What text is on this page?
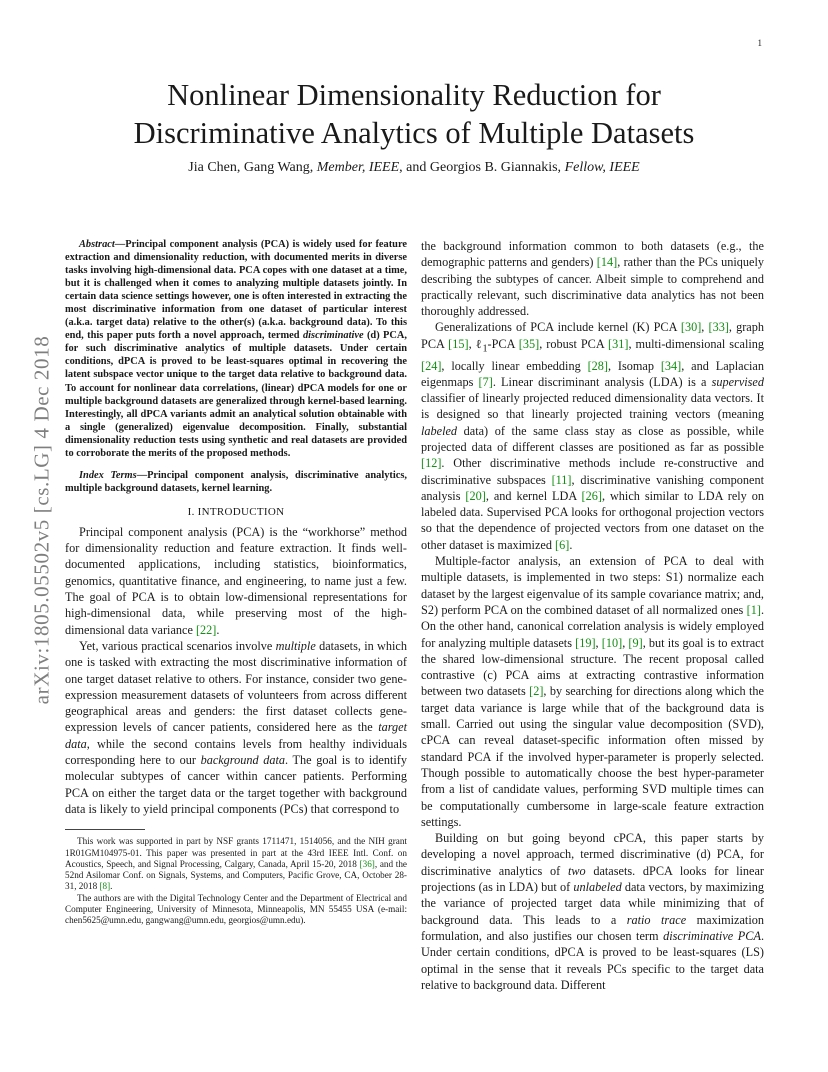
1
arXiv:1805.05502v5 [cs.LG] 4 Dec 2018
Nonlinear Dimensionality Reduction for
Discriminative Analytics of Multiple Datasets
Jia Chen, Gang Wang, Member, IEEE, and Georgios B. Giannakis, Fellow, IEEE

Abstract—Principal component analysis (PCA) is widely used for feature extraction and dimensionality reduction, with documented merits in diverse tasks involving high-dimensional data. PCA copes with one dataset at a time, but it is challenged when it comes to analyzing multiple datasets jointly. In certain data science settings however, one is often interested in extracting the most discriminative information from one dataset of particular interest (a.k.a. target data) relative to the other(s) (a.k.a. background data). To this end, this paper puts forth a novel approach, termed discriminative (d) PCA, for such discriminative analytics of multiple datasets. Under certain conditions, dPCA is proved to be least-squares optimal in recovering the latent subspace vector unique to the target data relative to background data. To account for nonlinear data correlations, (linear) dPCA models for one or multiple background datasets are generalized through kernel-based learning. Interestingly, all dPCA variants admit an analytical solution obtainable with a single (generalized) eigenvalue decomposition. Finally, substantial dimensionality reduction tests using synthetic and real datasets are provided to corroborate the merits of the proposed methods.

Index Terms—Principal component analysis, discriminative analytics, multiple background datasets, kernel learning.

I. INTRODUCTION

Principal component analysis (PCA) is the “workhorse” method for dimensionality reduction and feature extraction. It finds well-documented applications, including statistics, bioinformatics, genomics, quantitative finance, and engineering, to name just a few. The goal of PCA is to obtain low-dimensional representations for high-dimensional data, while preserving most of the high-dimensional data variance [22].

Yet, various practical scenarios involve multiple datasets, in which one is tasked with extracting the most discriminative information of one target dataset relative to others. For instance, consider two gene-expression measurement datasets of volunteers from across different geographical areas and genders: the first dataset collects gene-expression levels of cancer patients, considered here as the target data, while the second contains levels from healthy individuals corresponding here to our background data. The goal is to identify molecular subtypes of cancer within cancer patients. Performing PCA on either the target data or the target together with background data is likely to yield principal components (PCs) that correspond to

This work was supported in part by NSF grants 1711471, 1514056, and the NIH grant 1R01GM104975-01. This paper was presented in part at the 43rd IEEE Intl. Conf. on Acoustics, Speech, and Signal Processing, Calgary, Canada, April 15-20, 2018 [36], and the 52nd Asilomar Conf. on Signals, Systems, and Computers, Pacific Grove, CA, October 28-31, 2018 [8].

The authors are with the Digital Technology Center and the Department of Electrical and Computer Engineering, University of Minnesota, Minneapolis, MN 55455 USA (e-mail: chen5625@umn.edu, gangwang@umn.edu, georgios@umn.edu).

the background information common to both datasets (e.g., the demographic patterns and genders) [14], rather than the PCs uniquely describing the subtypes of cancer. Albeit simple to comprehend and practically relevant, such discriminative data analytics has not been thoroughly addressed.

Generalizations of PCA include kernel (K) PCA [30], [33], graph PCA [15], ℓ$_1$-PCA [35], robust PCA [31], multi-dimensional scaling [24], locally linear embedding [28], Isomap [34], and Laplacian eigenmaps [7]. Linear discriminant analysis (LDA) is a supervised classifier of linearly projected reduced dimensionality data vectors. It is designed so that linearly projected training vectors (meaning labeled data) of the same class stay as close as possible, while projected data of different classes are positioned as far as possible [12]. Other discriminative methods include re-constructive and discriminative subspaces [11], discriminative vanishing component analysis [20], and kernel LDA [26], which similar to LDA rely on labeled data. Supervised PCA looks for orthogonal projection vectors so that the dependence of projected vectors from one dataset on the other dataset is maximized [6].

Multiple-factor analysis, an extension of PCA to deal with multiple datasets, is implemented in two steps: S1) normalize each dataset by the largest eigenvalue of its sample covariance matrix; and, S2) perform PCA on the combined dataset of all normalized ones [1]. On the other hand, canonical correlation analysis is widely employed for analyzing multiple datasets [19], [10], [9], but its goal is to extract the shared low-dimensional structure. The recent proposal called contrastive (c) PCA aims at extracting contrastive information between two datasets [2], by searching for directions along which the target data variance is large while that of the background data is small. Carried out using the singular value decomposition (SVD), cPCA can reveal dataset-specific information often missed by standard PCA if the involved hyper-parameter is properly selected. Though possible to automatically choose the best hyper-parameter from a list of candidate values, performing SVD multiple times can be computationally cumbersome in large-scale feature extraction settings.

Building on but going beyond cPCA, this paper starts by developing a novel approach, termed discriminative (d) PCA, for discriminative analytics of two datasets. dPCA looks for linear projections (as in LDA) but of unlabeled data vectors, by maximizing the variance of projected target data while minimizing that of background data. This leads to a ratio trace maximization formulation, and also justifies our chosen term discriminative PCA. Under certain conditions, dPCA is proved to be least-squares (LS) optimal in the sense that it reveals PCs specific to the target data relative to background data. Different
